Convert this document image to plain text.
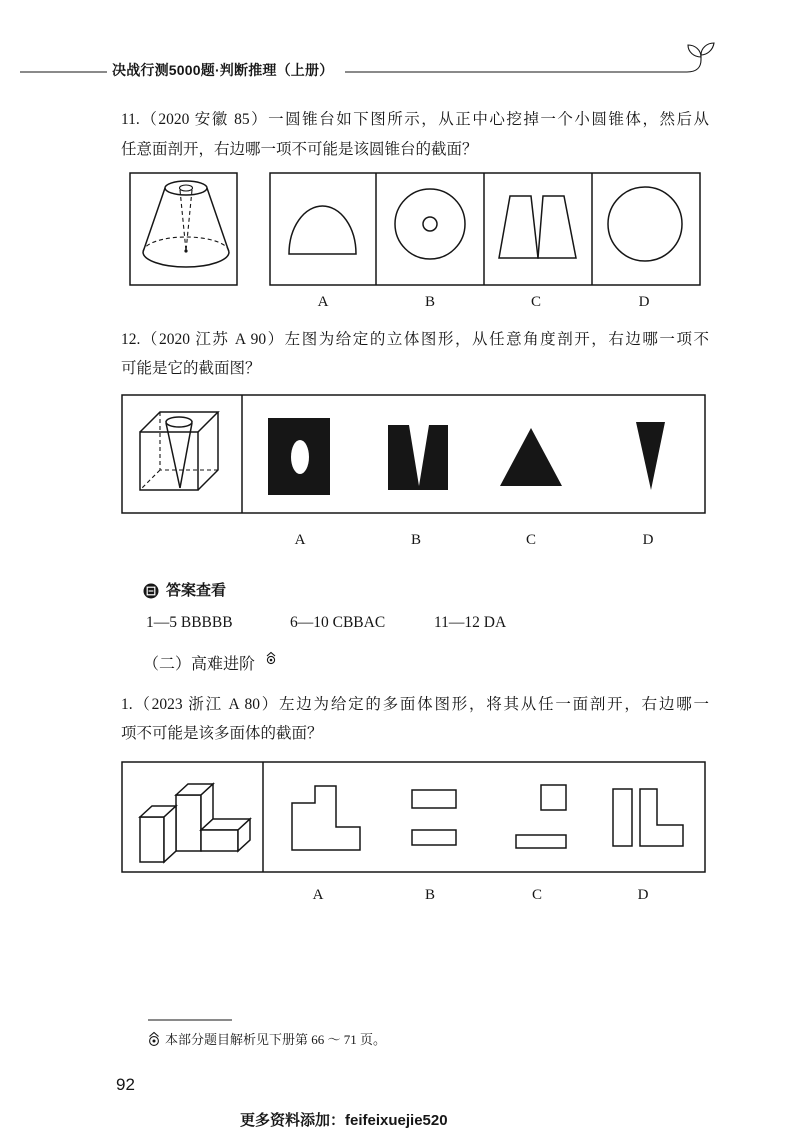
决战行测5000题·判断推理（上册）
11.（2020 安徽 85）一圆锥台如下图所示，从正中心挖掉一个小圆锥体，然后从
任意面剖开，右边哪一项不可能是该圆锥台的截面？
A	B	C	D
12.（2020 江苏 A 90）左图为给定的立体图形，从任意角度剖开，右边哪一项不
可能是它的截面图？
A	B	C	D
答案查看
1—5 BBBBB	6—10 CBBAC	11—12 DA
（二）高难进阶
1.（2023 浙江 A 80）左边为给定的多面体图形，将其从任一面剖开，右边哪一
项不可能是该多面体的截面？
A	B	C	D
本部分题目解析见下册第 66 ～ 71 页。
92
更多资料添加：feifeixuejie520
